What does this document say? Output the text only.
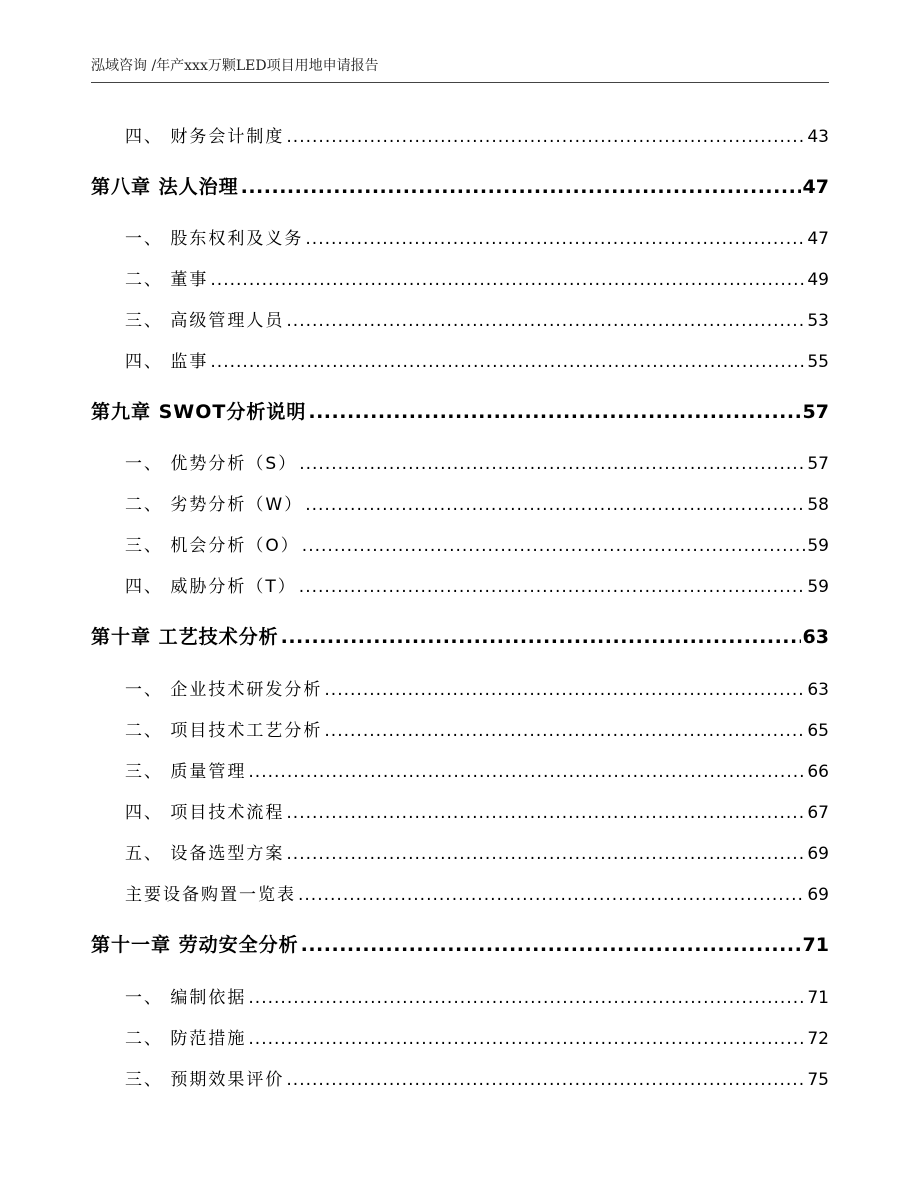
泓域咨询 /年产xxx万颗LED项目用地申请报告
四、 财务会计制度 .....	43
第八章 法人治理 .....	47
一、 股东权利及义务 .....	47
二、 董事 .....	49
三、 高级管理人员 .....	53
四、 监事 .....	55
第九章 SWOT分析说明 .....	57
一、 优势分析（S） .....	57
二、 劣势分析（W） .....	58
三、 机会分析（O） .....	59
四、 威胁分析（T） .....	59
第十章 工艺技术分析 .....	63
一、 企业技术研发分析 .....	63
二、 项目技术工艺分析 .....	65
三、 质量管理 .....	66
四、 项目技术流程 .....	67
五、 设备选型方案 .....	69
主要设备购置一览表 .....	69
第十一章 劳动安全分析 .....	71
一、 编制依据 .....	71
二、 防范措施 .....	72
三、 预期效果评价 .....	75
